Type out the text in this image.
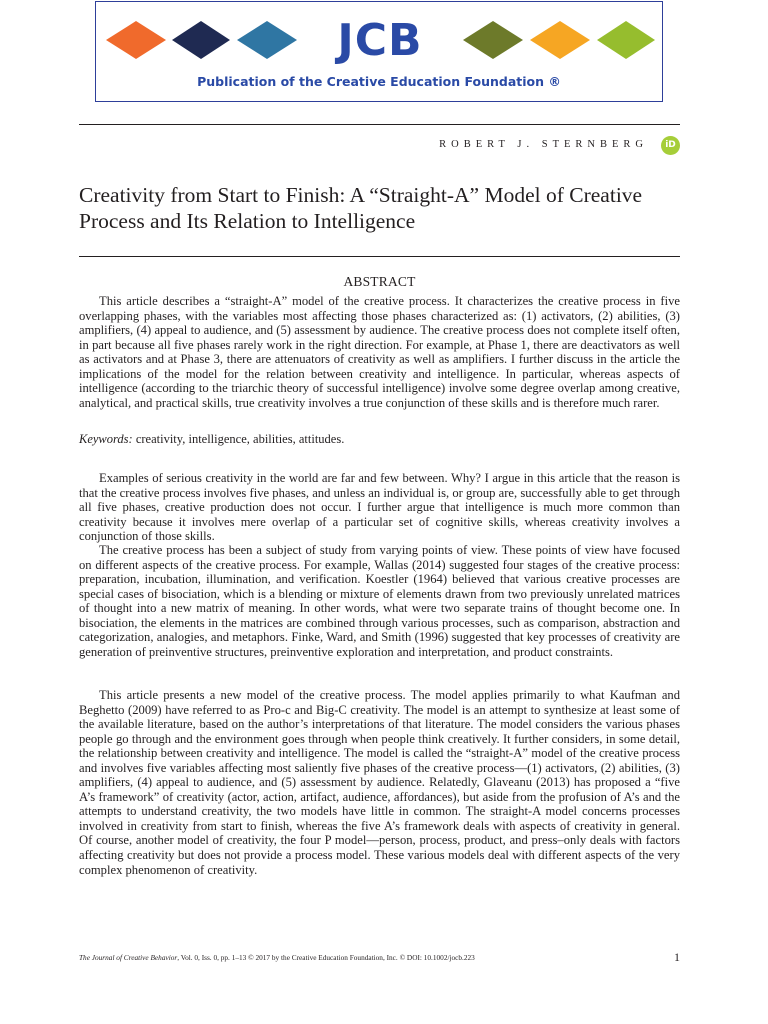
JCB
Publication of the Creative Education Foundation ®
ROBERT J. STERNBERG	iD
Creativity from Start to Finish: A “Straight-A” Model of Creative Process and Its Relation to Intelligence
ABSTRACT

This article describes a “straight-A” model of the creative process. It characterizes the creative process in five overlapping phases, with the variables most affecting those phases characterized as: (1) activators, (2) abilities, (3) amplifiers, (4) appeal to audience, and (5) assessment by audience. The creative process does not complete itself often, in part because all five phases rarely work in the right direction. For example, at Phase 1, there are deactivators as well as activators and at Phase 3, there are attenuators of creativity as well as amplifiers. I further discuss in the article the implications of the model for the relation between creativity and intelligence. In particular, whereas aspects of intelligence (according to the triarchic theory of successful intelligence) involve some degree overlap among creative, analytical, and practical skills, true creativity involves a true conjunction of these skills and is therefore much rarer.

Keywords: creativity, intelligence, abilities, attitudes.

Examples of serious creativity in the world are far and few between. Why? I argue in this article that the reason is that the creative process involves five phases, and unless an individual is, or group are, successfully able to get through all five phases, creative production does not occur. I further argue that intelligence is much more common than creativity because it involves mere overlap of a particular set of cognitive skills, whereas creativity involves a conjunction of those skills.

The creative process has been a subject of study from varying points of view. These points of view have focused on different aspects of the creative process. For example, Wallas (2014) suggested four stages of the creative process: preparation, incubation, illumination, and verification. Koestler (1964) believed that various creative processes are special cases of bisociation, which is a blending or mixture of elements drawn from two previously unrelated matrices of thought into a new matrix of meaning. In other words, what were two separate trains of thought become one. In bisociation, the elements in the matrices are combined through various processes, such as comparison, abstraction and categorization, analogies, and metaphors. Finke, Ward, and Smith (1996) suggested that key processes of creativity are generation of preinventive structures, preinventive exploration and interpretation, and product constraints.

This article presents a new model of the creative process. The model applies primarily to what Kaufman and Beghetto (2009) have referred to as Pro-c and Big-C creativity. The model is an attempt to synthesize at least some of the available literature, based on the author’s interpretations of that literature. The model considers the various phases people go through and the environment goes through when people think creatively. It further considers, in some detail, the relationship between creativity and intelligence. The model is called the “straight-A” model of the creative process and involves five variables affecting most saliently five phases of the creative process—(1) activators, (2) abilities, (3) amplifiers, (4) appeal to audience, and (5) assessment by audience. Relatedly, Glaveanu (2013) has proposed a “five A’s framework” of creativity (actor, action, artifact, audience, affordances), but aside from the profusion of A’s and the attempts to understand creativity, the two models have little in common. The straight-A model concerns processes involved in creativity from start to finish, whereas the five A’s framework deals with aspects of creativity in general. Of course, another model of creativity, the four P model—person, process, product, and press–only deals with factors affecting creativity but does not provide a process model. These various models deal with different aspects of the very complex phenomenon of creativity.

The Journal of Creative Behavior, Vol. 0, Iss. 0, pp. 1–13 © 2017 by the Creative Education Foundation, Inc. © DOI: 10.1002/jocb.223	1
